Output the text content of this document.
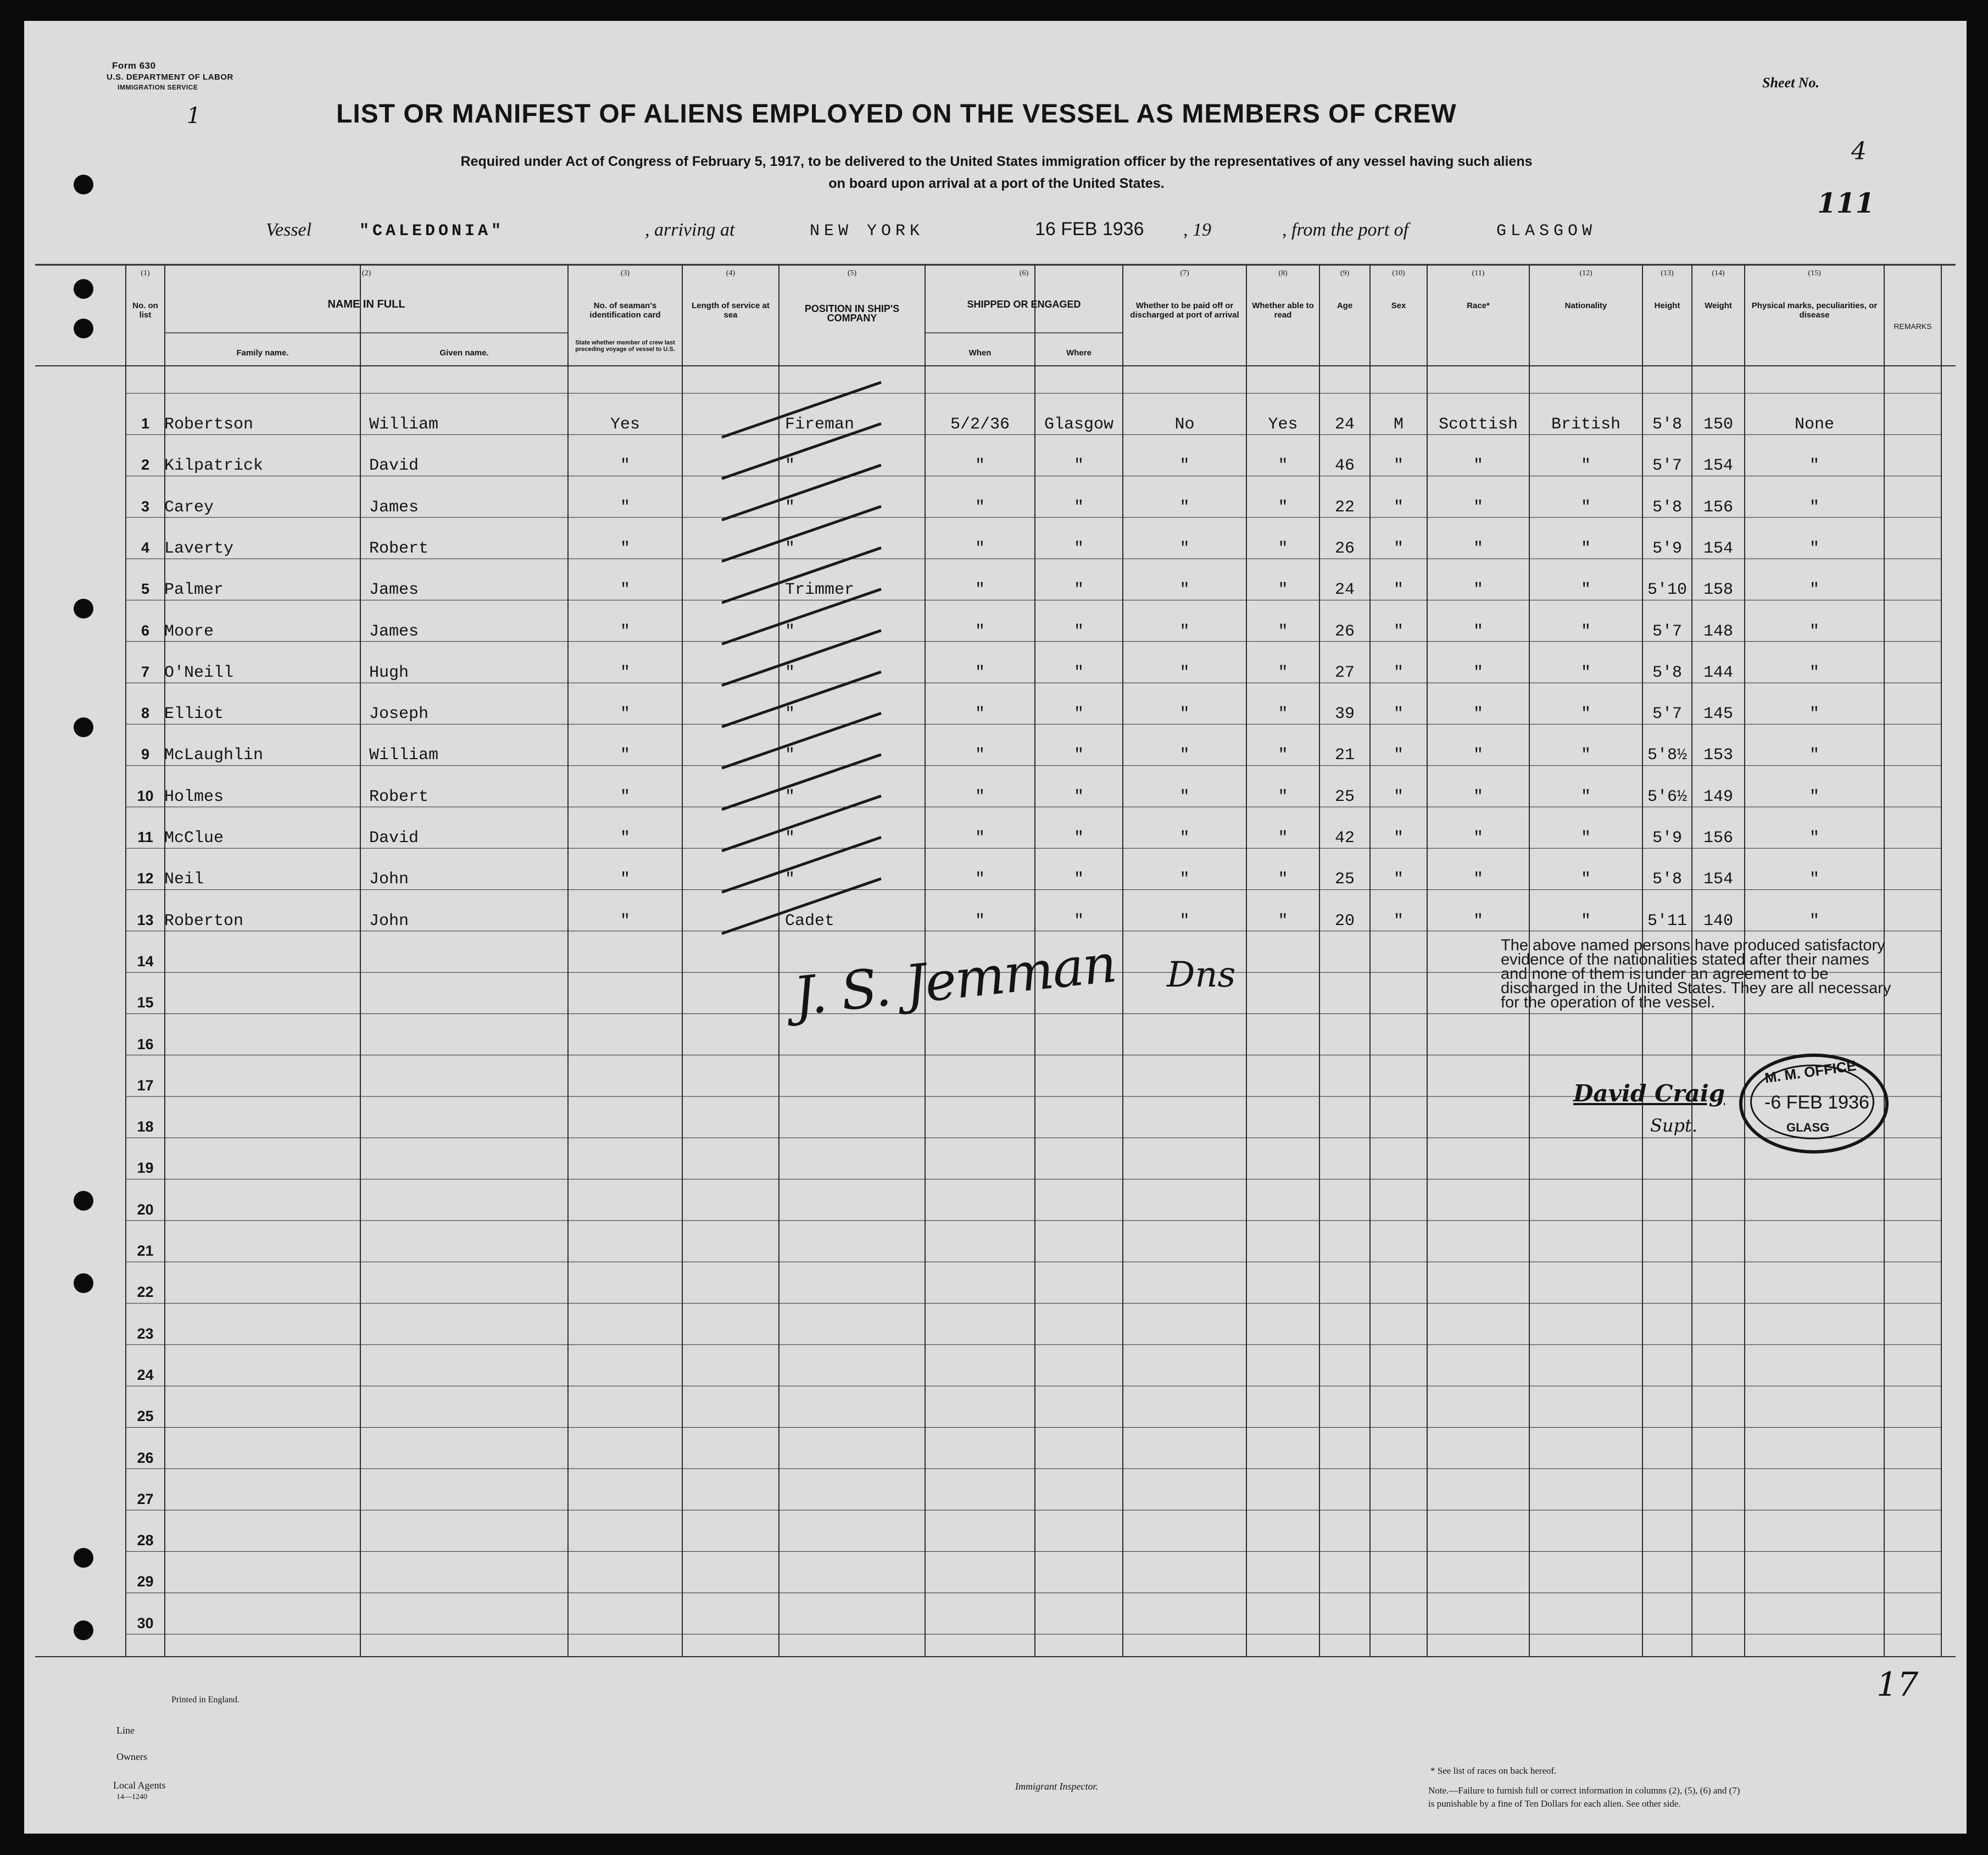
Form 630
U.S. DEPARTMENT OF LABOR
IMMIGRATION SERVICE
1
Sheet No.
4
111
LIST OR MANIFEST OF ALIENS EMPLOYED ON THE VESSEL AS MEMBERS OF CREW
Required under Act of Congress of February 5, 1917, to be delivered to the United States immigration officer by the representatives of any vessel having such aliens
on board upon arrival at a port of the United States.
Vessel	"CALEDONIA"	, arriving at	NEW YORK	16 FEB 1936 , 19	, from the port of	GLASGOW
(1)
No. on list
(2)
NAME IN FULL
Family name.	Given name.
(3)
No. of seaman's identification card
State whether member of crew last preceding voyage of vessel to U.S.
(4)
Length of service at sea
(5)
POSITION IN SHIP'S COMPANY
(6)
SHIPPED OR ENGAGED
When	Where
(7)
Whether to be paid off or discharged at port of arrival
(8)
Whether able to read
(9)
Age
(10)
Sex
(11)
Race*
(12)
Nationality
(13)
Height
(14)
Weight
(15)
Physical marks, peculiarities, or disease
REMARKS
1 Robertson	William	Yes	Fireman	5/2/36	Glasgow	No	Yes	24	M	Scottish	British	5'8	150	None
2 Kilpatrick	David	"	"	"	"	"	"	46	"	"	"	5'7	154	"
3 Carey	James	"	"	"	"	"	"	22	"	"	"	5'8	156	"
4 Laverty	Robert	"	"	"	"	"	"	26	"	"	"	5'9	154	"
5 Palmer	James	"	Trimmer	"	"	"	"	24	"	"	"	5'10 158	"
6 Moore	James	"	"	"	"	"	"	26	"	"	"	5'7	148	"
7 O'Neill	Hugh	"	"	"	"	"	"	27	"	"	"	5'8	144	"
8 Elliot	Joseph	"	"	"	"	"	"	39	"	"	"	5'7	145	"
9 McLaughlin	William	"	"	"	"	"	"	21	"	"	"	5'8½ 153	"
10 Holmes	Robert	"	"	"	"	"	"	25	"	"	"	5'6½ 149	"
11 McClue	David	"	"	"	"	"	"	42	"	"	"	5'9	156	"
12 Neil	John	"	"	"	"	"	"	25	"	"	"	5'8	154	"
13 Roberton	John	"	Cadet	"	"	"	"	20	"	"	"	5'11 140	"
14
15
16
17
18
19
20
21
22
23
24
25
26
27
28
29
30
The above named persons have produced satisfactory evidence of the nationalities stated after their names and none of them is under an agreement to be discharged in the United States. They are all necessary for the operation of the vessel.
J. S. Jemman Dns
David Craig
Supt.
M. M. OFFICE
-6 FEB 1936
GLASG
Printed in England.
Line
Owners
Local Agents
14—1240
Immigrant Inspector.
* See list of races on back hereof.
Note.—Failure to furnish full or correct information in columns (2), (5), (6) and (7)
is punishable by a fine of Ten Dollars for each alien. See other side.
17
